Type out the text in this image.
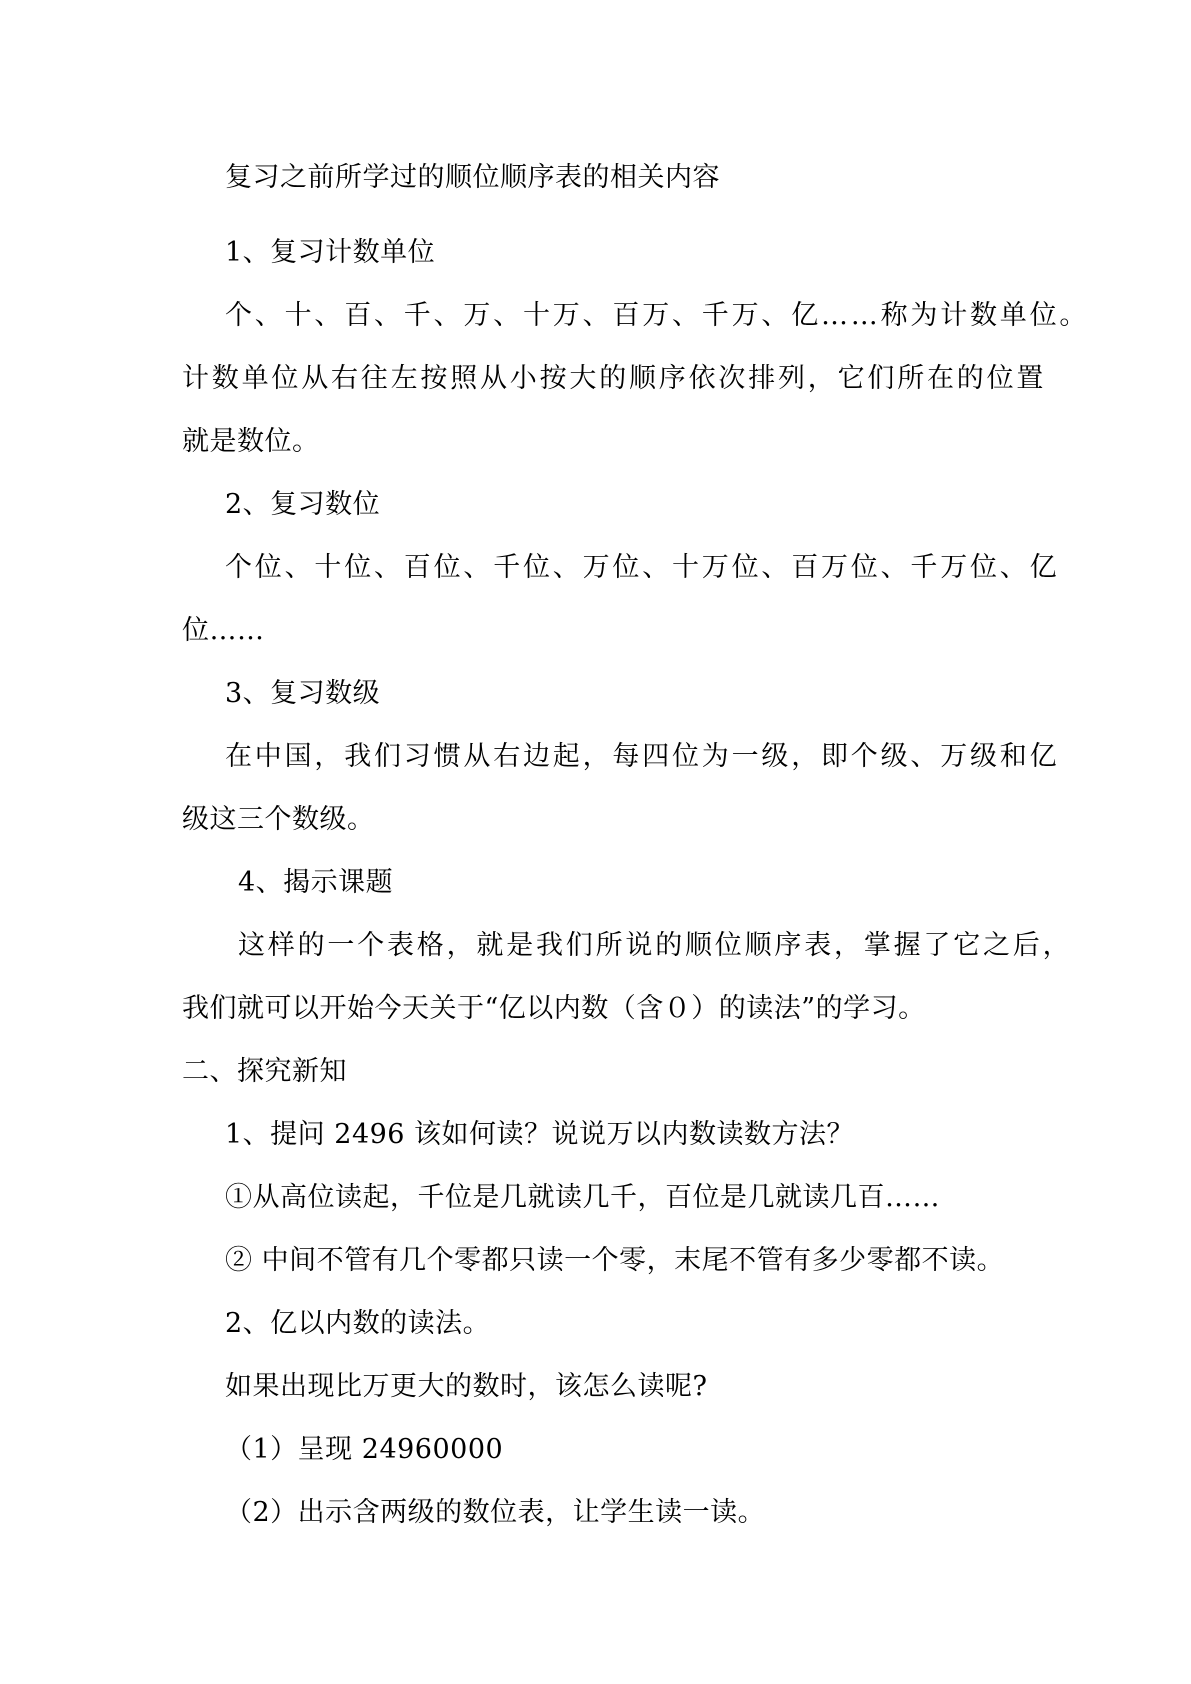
复习之前所学过的顺位顺序表的相关内容
1、复习计数单位
个、十、百、千、万、十万、百万、千万、亿……称为计数单位。
计数单位从右往左按照从小按大的顺序依次排列，它们所在的位置
就是数位。
2、复习数位
个位、十位、百位、千位、万位、十万位、百万位、千万位、亿
位……
3、复习数级
在中国，我们习惯从右边起，每四位为一级，即个级、万级和亿
级这三个数级。
4、揭示课题
这样的一个表格，就是我们所说的顺位顺序表，掌握了它之后，
我们就可以开始今天关于“亿以内数（含０）的读法”的学习。
二、探究新知
1、提问 2496 该如何读？说说万以内数读数方法？
①从高位读起，千位是几就读几千，百位是几就读几百……
② 中间不管有几个零都只读一个零，末尾不管有多少零都不读。
2、亿以内数的读法。
如果出现比万更大的数时，该怎么读呢?
（1）呈现 24960000
（2）出示含两级的数位表，让学生读一读。
